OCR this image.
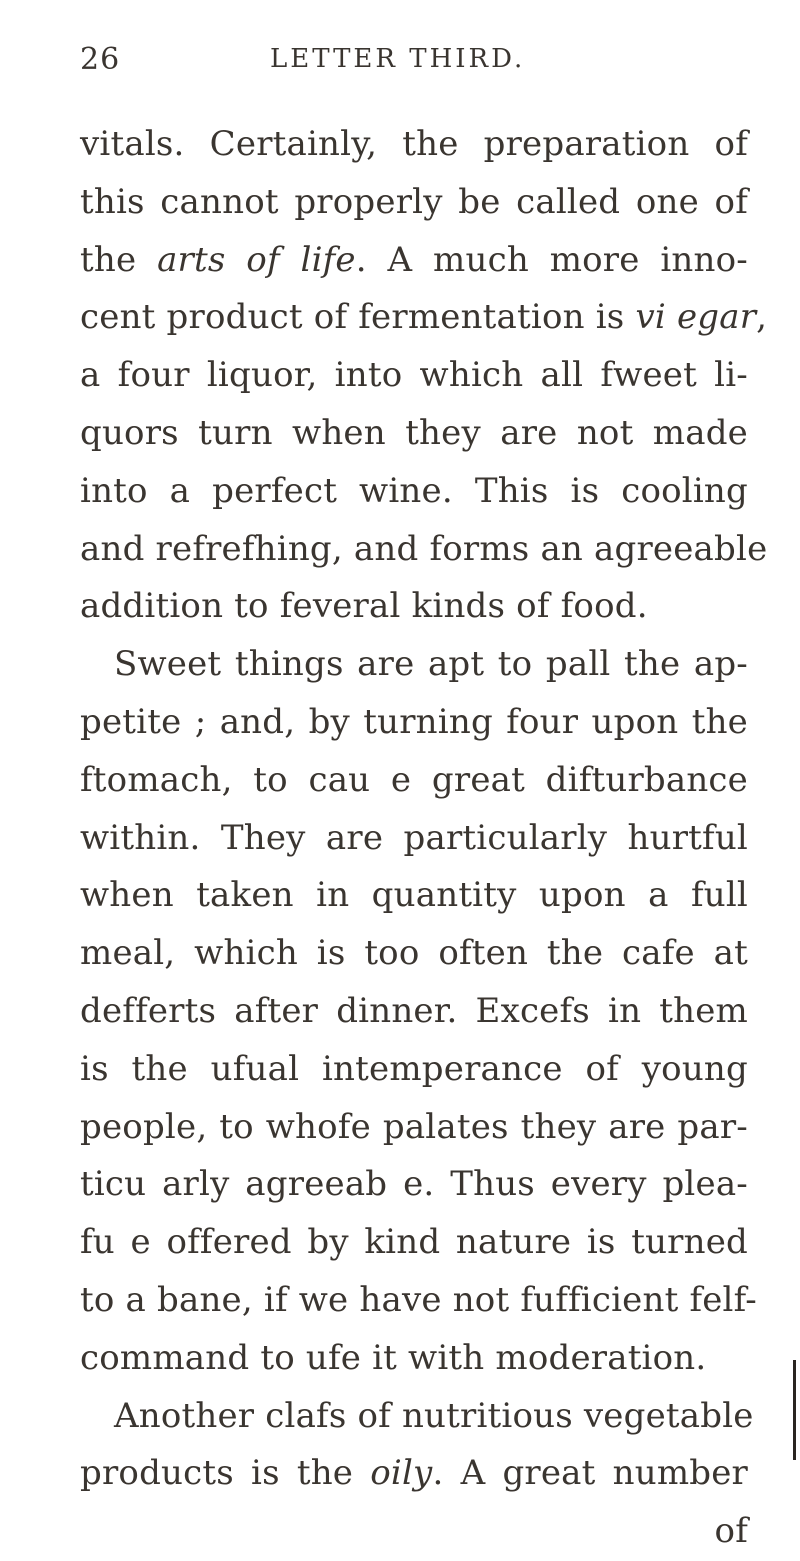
26	LETTER THIRD.
vitals. Certainly, the preparation of
this cannot properly be called one of
the arts of life. A much more inno-
cent product of fermentation is vi egar,
a four liquor, into which all fweet li-
quors turn when they are not made
into a perfect wine. This is cooling
and refrefhing, and forms an agreeable
addition to feveral kinds of food.
Sweet things are apt to pall the ap-
petite ; and, by turning four upon the
ftomach, to cau e great difturbance
within. They are particularly hurtful
when taken in quantity upon a full
meal, which is too often the cafe at
defferts after dinner. Excefs in them
is the ufual intemperance of young
people, to whofe palates they are par-
ticu arly agreeab e. Thus every plea-
fu e offered by kind nature is turned
to a bane, if we have not fufficient felf-
command to ufe it with moderation.
Another clafs of nutritious vegetable
products is the oily. A great number
of
